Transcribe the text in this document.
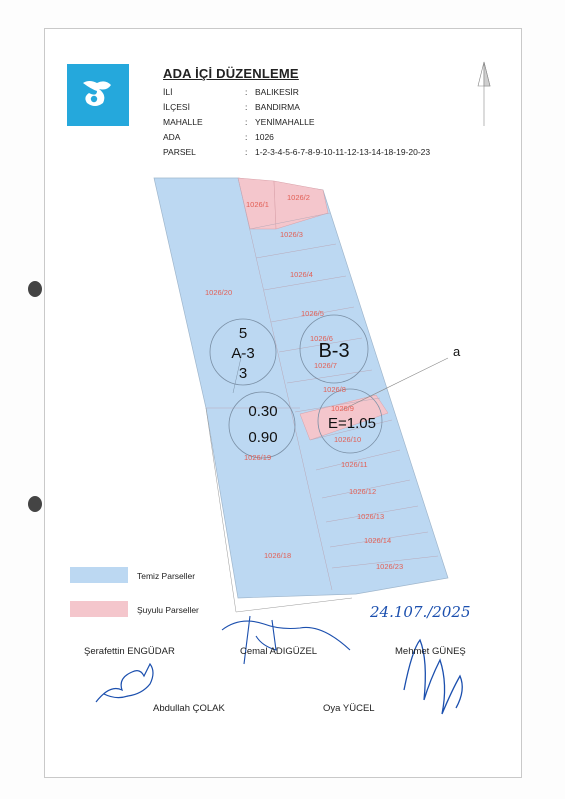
ADA İÇİ DÜZENLEME
İLİ	: BALIKESİR
İLÇESİ	: BANDIRMA
MAHALLE	: YENİMAHALLE
ADA	: 1026
PARSEL	: 1-2-3-4-5-6-7-8-9-10-11-12-13-14-18-19-20-23
a
1026/1
1026/2
1026/3
1026/4
1026/5
1026/6
1026/7
1026/8
1026/9
1026/10
1026/11
1026/12
1026/13
1026/14
1026/23
1026/18
1026/19
1026/20
5
A-3
3
0.30
0.90
B-3
E=1.05
Temiz Parseller
Şuyulu Parseller	24.107./2025
Şerafettin ENGÜDAR	Cemal ADIGÜZEL	Mehmet GÜNEŞ
Abdullah ÇOLAK	Oya YÜCEL
